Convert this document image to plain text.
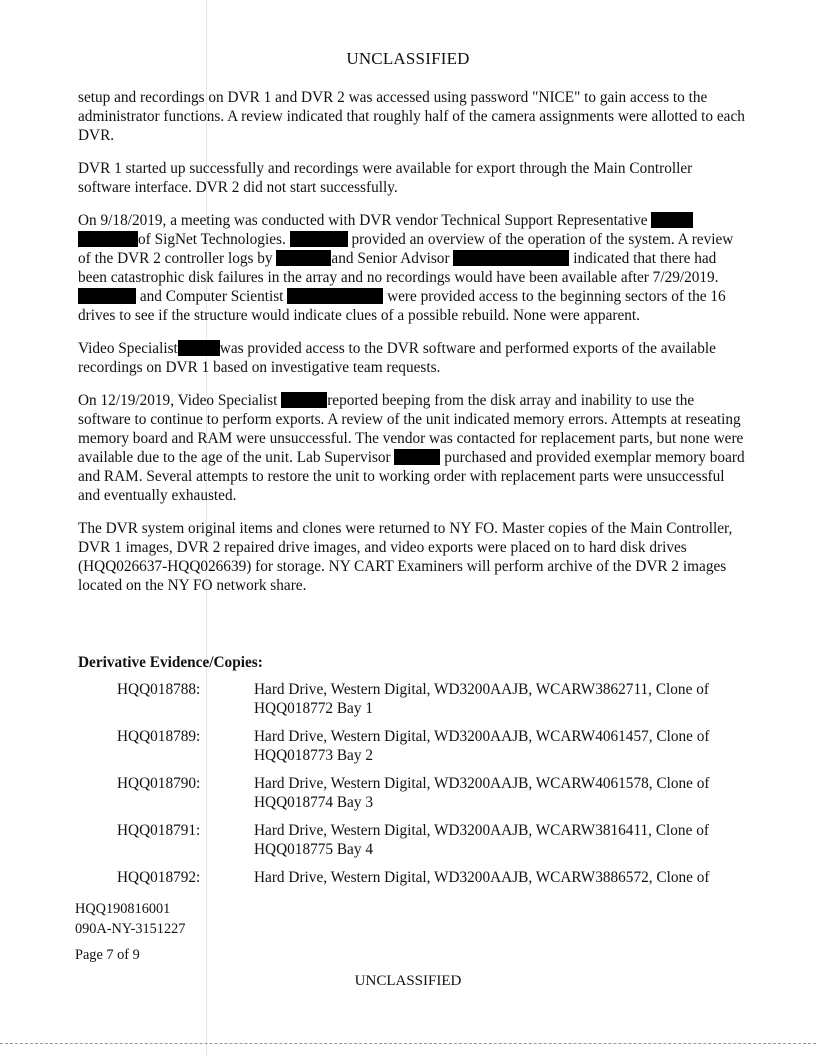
UNCLASSIFIED

setup and recordings on DVR 1 and DVR 2 was accessed using password "NICE" to gain access to the administrator functions. A review indicated that roughly half of the camera assignments were allotted to each DVR.

DVR 1 started up successfully and recordings were available for export through the Main Controller software interface. DVR 2 did not start successfully.

On 9/18/2019, a meeting was conducted with DVR vendor Technical Support Representative  of SigNet Technologies.	provided an overview of the operation of the system. A review of the DVR 2 controller logs by	and Senior Advisor	indicated that there had been catastrophic disk failures in the array and no recordings would have been available after 7/29/2019.  and Computer Scientist	were provided access to the beginning sectors of the 16 drives to see if the structure would indicate clues of a possible rebuild. None were apparent.

Video Specialist	was provided access to the DVR software and performed exports of the available recordings on DVR 1 based on investigative team requests.

On 12/19/2019, Video Specialist	reported beeping from the disk array and inability to use the software to continue to perform exports. A review of the unit indicated memory errors. Attempts at reseating memory board and RAM were unsuccessful. The vendor was contacted for replacement parts, but none were available due to the age of the unit. Lab Supervisor	purchased and provided exemplar memory board and RAM. Several attempts to restore the unit to working order with replacement parts were unsuccessful and eventually exhausted.

The DVR system original items and clones were returned to NY FO. Master copies of the Main Controller, DVR 1 images, DVR 2 repaired drive images, and video exports were placed on to hard disk drives (HQQ026637-HQQ026639) for storage. NY CART Examiners will perform archive of the DVR 2 images located on the NY FO network share.

Derivative Evidence/Copies:
HQQ018788:	Hard Drive, Western Digital, WD3200AAJB, WCARW3862711, Clone of HQQ018772 Bay 1
HQQ018789:	Hard Drive, Western Digital, WD3200AAJB, WCARW4061457, Clone of HQQ018773 Bay 2
HQQ018790:	Hard Drive, Western Digital, WD3200AAJB, WCARW4061578, Clone of HQQ018774 Bay 3
HQQ018791:	Hard Drive, Western Digital, WD3200AAJB, WCARW3816411, Clone of HQQ018775 Bay 4
HQQ018792:	Hard Drive, Western Digital, WD3200AAJB, WCARW3886572, Clone of
HQQ190816001
090A-NY-3151227
Page 7 of 9
UNCLASSIFIED
